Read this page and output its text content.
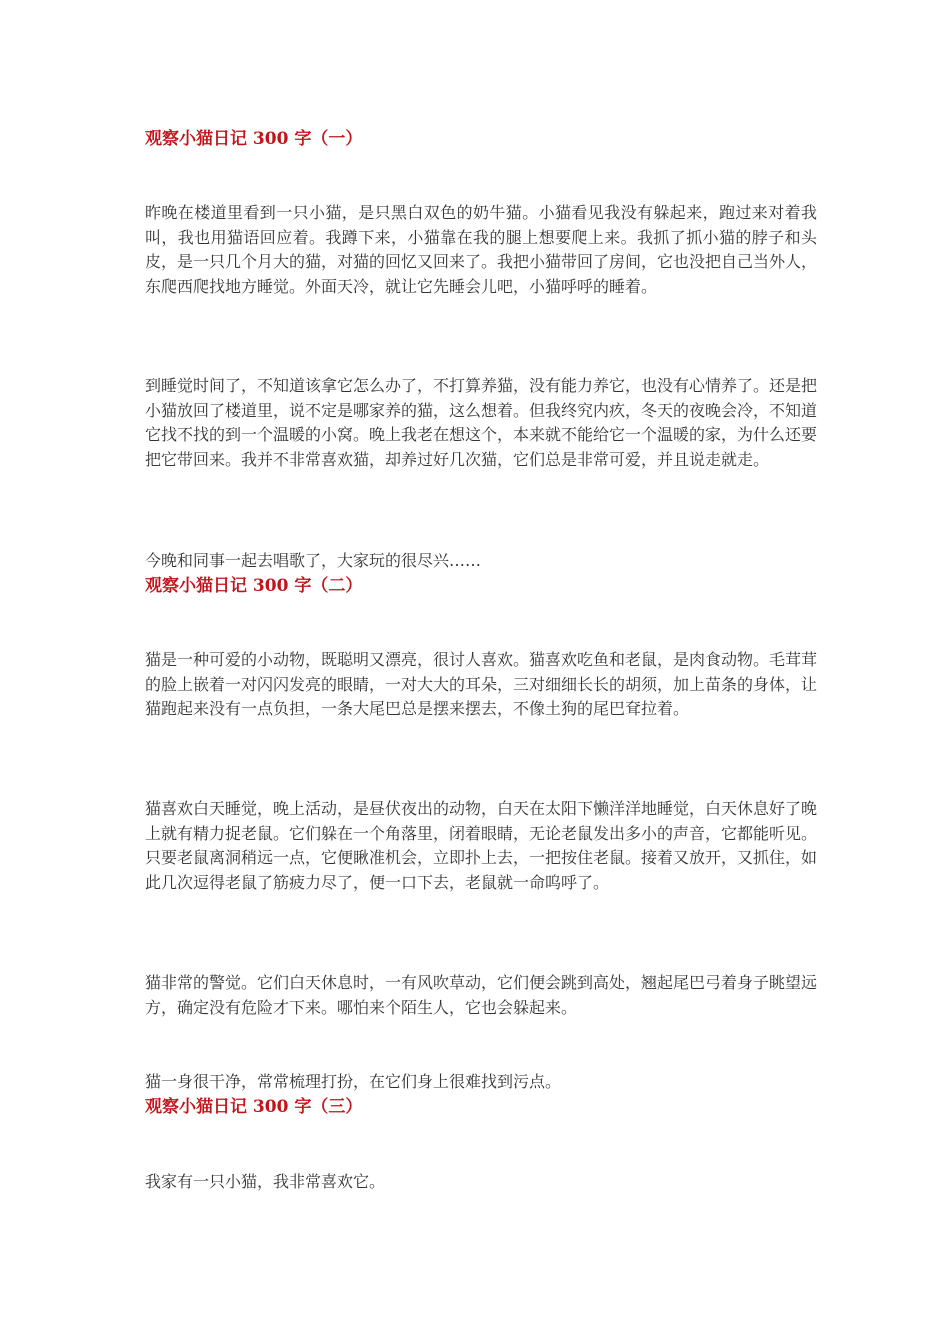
观察小猫日记 300 字（一）

昨晚在楼道里看到一只小猫，是只黑白双色的奶牛猫。小猫看见我没有躲起来，跑过来对着我叫，我也用猫语回应着。我蹲下来，小猫靠在我的腿上想要爬上来。我抓了抓小猫的脖子和头皮，是一只几个月大的猫，对猫的回忆又回来了。我把小猫带回了房间，它也没把自己当外人，东爬西爬找地方睡觉。外面天冷，就让它先睡会儿吧，小猫呼呼的睡着。

到睡觉时间了，不知道该拿它怎么办了，不打算养猫，没有能力养它，也没有心情养了。还是把小猫放回了楼道里，说不定是哪家养的猫，这么想着。但我终究内疚，冬天的夜晚会冷，不知道它找不找的到一个温暖的小窝。晚上我老在想这个，本来就不能给它一个温暖的家，为什么还要把它带回来。我并不非常喜欢猫，却养过好几次猫，它们总是非常可爱，并且说走就走。

今晚和同事一起去唱歌了，大家玩的很尽兴……

观察小猫日记 300 字（二）

猫是一种可爱的小动物，既聪明又漂亮，很讨人喜欢。猫喜欢吃鱼和老鼠，是肉食动物。毛茸茸的脸上嵌着一对闪闪发亮的眼睛，一对大大的耳朵，三对细细长长的胡须，加上苗条的身体，让猫跑起来没有一点负担，一条大尾巴总是摆来摆去，不像土狗的尾巴耷拉着。

猫喜欢白天睡觉，晚上活动，是昼伏夜出的动物，白天在太阳下懒洋洋地睡觉，白天休息好了晚上就有精力捉老鼠。它们躲在一个角落里，闭着眼睛，无论老鼠发出多小的声音，它都能听见。只要老鼠离洞稍远一点，它便瞅准机会，立即扑上去，一把按住老鼠。接着又放开，又抓住，如此几次逗得老鼠了筋疲力尽了，便一口下去，老鼠就一命呜呼了。

猫非常的警觉。它们白天休息时，一有风吹草动，它们便会跳到高处，翘起尾巴弓着身子眺望远方，确定没有危险才下来。哪怕来个陌生人，它也会躲起来。

猫一身很干净，常常梳理打扮，在它们身上很难找到污点。

观察小猫日记 300 字（三）

我家有一只小猫，我非常喜欢它。
